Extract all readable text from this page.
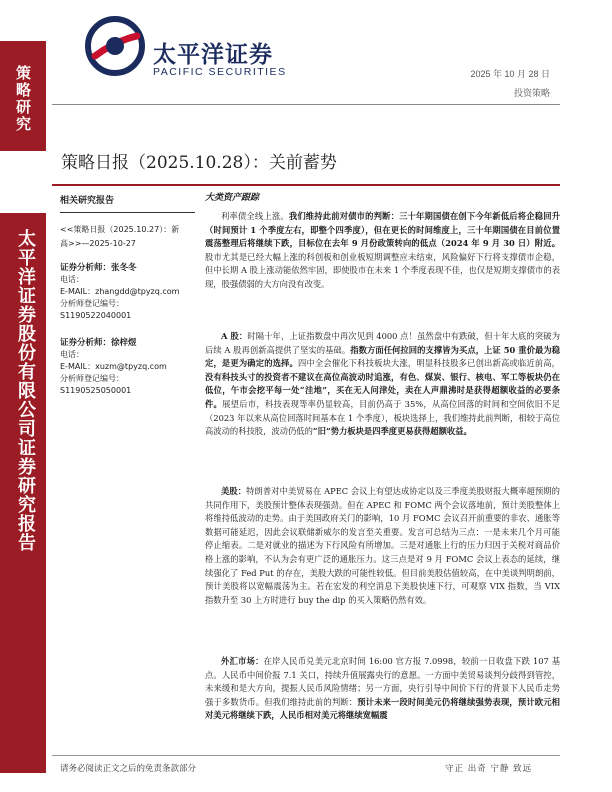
策略研究
太平洋证券股份有限公司证券研究报告
太平洋证券
PACIFIC SECURITIES	2025 年 10 月 28 日
投资策略
策略日报（2025.10.28）：关前蓄势
大类资产跟踪
相关研究报告
<<策略日报（2025.10.27）：新
高>>—2025-10-27
证券分析师：张冬冬
电话：
E-MAIL：zhangdd@tpyzq.com
分析师登记编号：S1190522040001
证券分析师：徐梓煜
电话：
E-MAIL：xuzm@tpyzq.com
分析师登记编号：S1190525050001

利率债全线上涨。我们维持此前对债市的判断：三十年期国债在创下今年新低后将企稳回升（时间预计 1 个季度左右，即整个四季度），但在更长的时间维度上，三十年期国债在目前位置震荡整理后将继续下跌，目标位在去年 9 月份政策转向的低点（2024 年 9 月 30 日）附近。股市尤其是已经大幅上涨的科创板和创业板短期调整应未结束，风险偏好下行将支撑债市企稳，但中长期 A 股上涨动能依然牢固，即使股市在未来 1 个季度表现不佳，也仅是短期支撑债市的表现，股强债弱的大方向没有改变。

A 股：时隔十年，上证指数盘中再次见到 4000 点！虽然盘中有跌破，但十年大底的突破为后续 A 股再创新高提供了坚实的基础。指数方面任何拉回的支撑皆为买点，上证 50 重价最为稳定，是更为确定的选择。四中全会催化下科技板块大涨，明显科技股多已创出新高或临近前高，没有科技头寸的投资者不建议在高位高波动时追涨，有色、煤炭、银行、核电、军工等板块仍在低位，午市会挖平每一处“洼地”，买在无人问津处，卖在人声鼎沸时是获得超额收益的必要条件。展望后市，科技表现等率仍显较高，目前仍高于 35%，从高位回落的时间和空间依旧不足（2023 年以来从高位回落时间基本在 1 个季度），板块选择上，我们维持此前判断，相较于高位高波动的科技股，波动仍低的“旧”势力板块是四季度更易获得超额收益。

美股：特朗普对中美贸易在 APEC 会议上有望达成协定以及三季度美股财报大概率超预期的共同作用下，美股预计整体表现强劲。但在 APEC 和 FOMC 两个会议落地前，预计美股整体上将维持低波动的走势。由于美国政府关门的影响，10 月 FOMC 会议召开前重要的非农、通胀等数据可能延迟，因此会议联储新威尔的发言至关重要。发言可总结为三点：一是未来几个月可能停止缩表。二是对就业的描述为下行风险有所增加。三是对通胀上行的压力归因于关税对商品价格上涨的影响，不认为会有更广泛的通胀压力。这三点是对 9 月 FOMC 会议上表态的延续，继续强化了 Fed Put 的存在，美股大跌的可能性较低。但目前美股估值较高，在中美谈判明朗前，预计美股将以宽幅震荡为主。若在宏发的利空消息下美股快速下行，可观察 VIX 指数，当 VIX 指数升至 30 上方时进行 buy the dip 的买入策略仍然有效。

外汇市场：在岸人民币兑美元北京时间 16:00 官方报 7.0998，较前一日收盘下跌 107 基点。人民币中间价报 7.1 关口，持续升值展露央行的意愿。一方面中美贸易谈判分歧得到管控，未来缓和是大方向，提振人民币风险情绪；另一方面，央行引导中间价下行的背景下人民币走势强于多数货币。但我们维持此前的判断：预计未来一段时间美元仍将继续强势表现，预计欧元相对美元将继续下跌，人民币相对美元将继续宽幅震

请务必阅读正文之后的免责条款部分	守正 出奇 宁静 致远
